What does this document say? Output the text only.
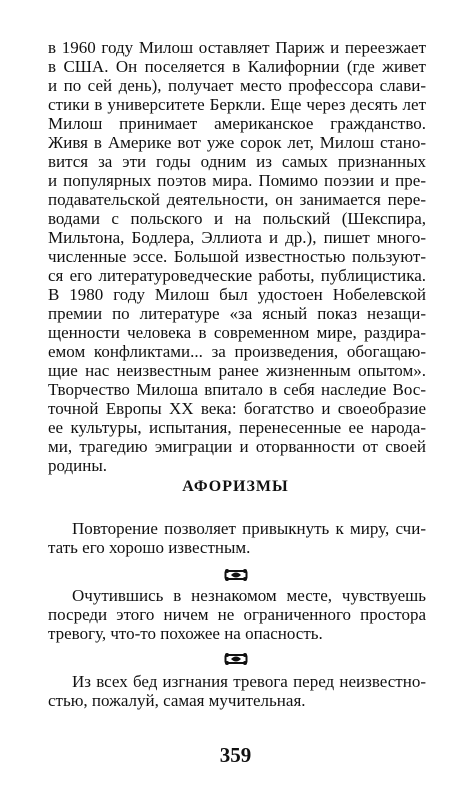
в 1960 году Милош оставляет Париж и переезжает
в США. Он поселяется в Калифорнии (где живет
и по сей день), получает место профессора слави-
стики в университете Беркли. Еще через десять лет
Милош принимает американское гражданство.
Живя в Америке вот уже сорок лет, Милош стано-
вится за эти годы одним из самых признанных
и популярных поэтов мира. Помимо поэзии и пре-
подавательской деятельности, он занимается пере-
водами с польского и на польский (Шекспира,
Мильтона, Бодлера, Эллиота и др.), пишет много-
численные эссе. Большой известностью пользуют-
ся его литературоведческие работы, публицистика.
В 1980 году Милош был удостоен Нобелевской
премии по литературе «за ясный показ незащи-
щенности человека в современном мире, раздира-
емом конфликтами... за произведения, обогащаю-
щие нас неизвестным ранее жизненным опытом».
Творчество Милоша впитало в себя наследие Вос-
точной Европы XX века: богатство и своеобразие
ее культуры, испытания, перенесенные ее народа-
ми, трагедию эмиграции и оторванности от своей
родины.
АФОРИЗМЫ
Повторение позволяет привыкнуть к миру, счи-
тать его хорошо известным.
Очутившись в незнакомом месте, чувствуешь
посреди этого ничем не ограниченного простора
тревогу, что-то похожее на опасность.
Из всех бед изгнания тревога перед неизвестно-
стью, пожалуй, самая мучительная.
359
